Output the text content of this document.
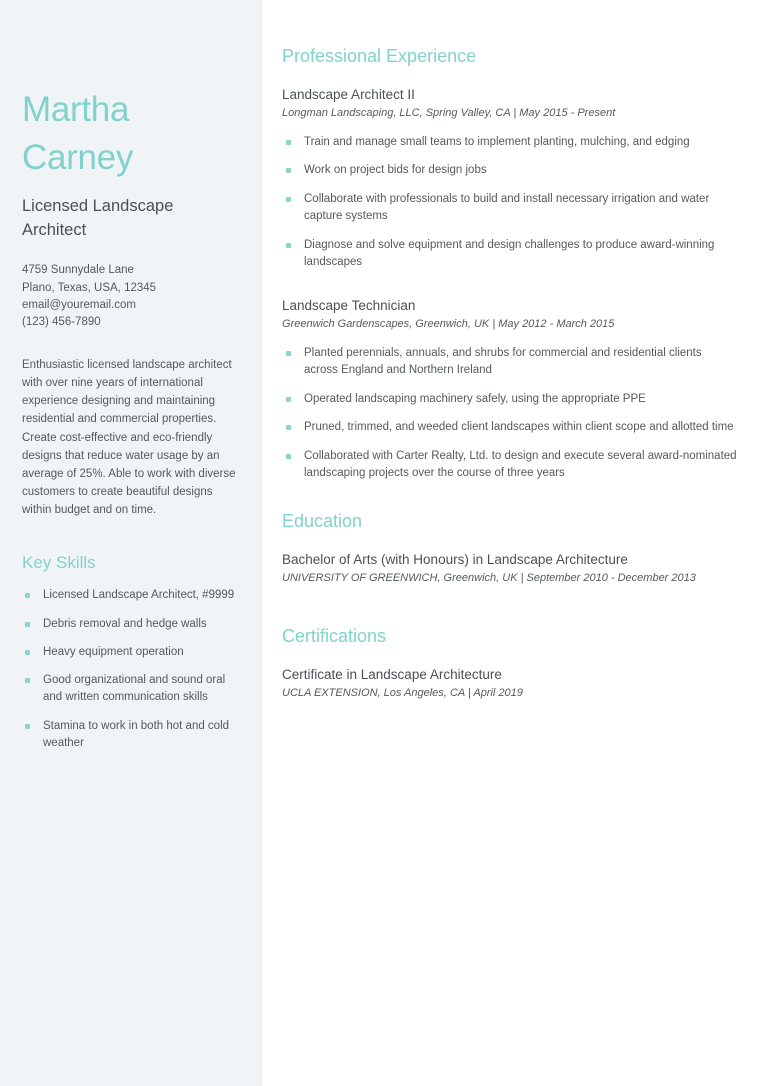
Martha
Carney
Licensed Landscape Architect
4759 Sunnydale Lane
Plano, Texas, USA, 12345
email@youremail.com
(123) 456-7890

Enthusiastic licensed landscape architect with over nine years of international experience designing and maintaining residential and commercial properties. Create cost-effective and eco-friendly designs that reduce water usage by an average of 25%. Able to work with diverse customers to create beautiful designs within budget and on time.

Key Skills
Licensed Landscape Architect, #9999
Debris removal and hedge walls
Heavy equipment operation
Good organizational and sound oral and written communication skills
Stamina to work in both hot and cold weather
Professional Experience
Landscape Architect II

Longman Landscaping, LLC, Spring Valley, CA | May 2015 - Present

Train and manage small teams to implement planting, mulching, and edging
Work on project bids for design jobs
Collaborate with professionals to build and install necessary irrigation and water capture systems
Diagnose and solve equipment and design challenges to produce award-winning landscapes
Landscape Technician

Greenwich Gardenscapes, Greenwich, UK | May 2012 - March 2015

Planted perennials, annuals, and shrubs for commercial and residential clients across England and Northern Ireland
Operated landscaping machinery safely, using the appropriate PPE
Pruned, trimmed, and weeded client landscapes within client scope and allotted time
Collaborated with Carter Realty, Ltd. to design and execute several award-nominated landscaping projects over the course of three years
Education
Bachelor of Arts (with Honours) in Landscape Architecture

UNIVERSITY OF GREENWICH, Greenwich, UK | September 2010 - December 2013

Certifications
Certificate in Landscape Architecture

UCLA EXTENSION, Los Angeles, CA | April 2019
